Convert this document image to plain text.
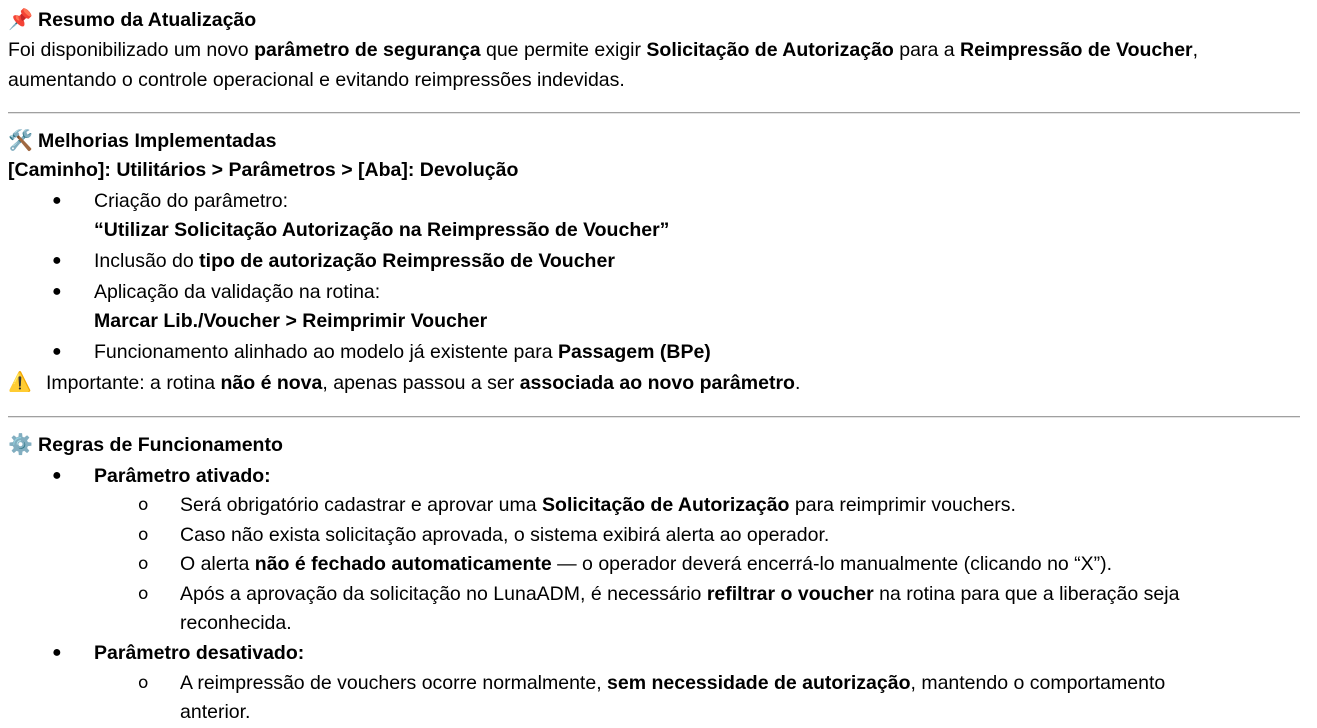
📌 Resumo da Atualização
Foi disponibilizado um novo parâmetro de segurança que permite exigir Solicitação de Autorização para a Reimpressão de Voucher,
aumentando o controle operacional e evitando reimpressões indevidas.
🛠️ Melhorias Implementadas
[Caminho]: Utilitários > Parâmetros > [Aba]: Devolução
● Criação do parâmetro:
“Utilizar Solicitação Autorização na Reimpressão de Voucher”
● Inclusão do tipo de autorização Reimpressão de Voucher
● Aplicação da validação na rotina:
Marcar Lib./Voucher > Reimprimir Voucher
● Funcionamento alinhado ao modelo já existente para Passagem (BPe)
⚠️ Importante: a rotina não é nova, apenas passou a ser associada ao novo parâmetro.
⚙️ Regras de Funcionamento
● Parâmetro ativado:
o Será obrigatório cadastrar e aprovar uma Solicitação de Autorização para reimprimir vouchers.
o Caso não exista solicitação aprovada, o sistema exibirá alerta ao operador.
o O alerta não é fechado automaticamente — o operador deverá encerrá-lo manualmente (clicando no “X”).
o Após a aprovação da solicitação no LunaADM, é necessário refiltrar o voucher na rotina para que a liberação seja
reconhecida.
● Parâmetro desativado:
o A reimpressão de vouchers ocorre normalmente, sem necessidade de autorização, mantendo o comportamento
anterior.
